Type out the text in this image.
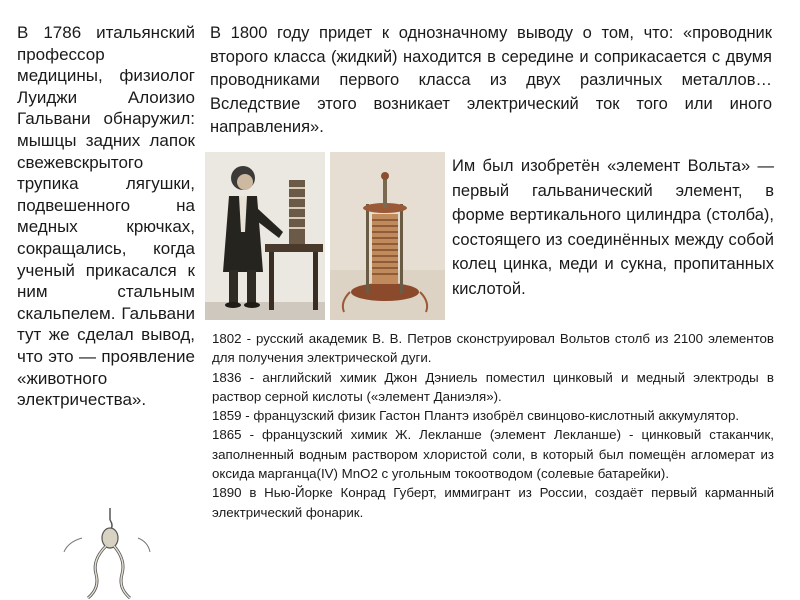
В 1786 итальянский профессор медицины, физиолог Луиджи Алоизио Гальвани обнаружил: мышцы задних лапок свежевскрытого трупика лягушки, подвешенного на медных крючках, сокращались, когда ученый прикасался к ним стальным скальпелем. Гальвани тут же сделал вывод, что это — проявление «животного электричества».
В 1800 году придет к однозначному выводу о том, что: «проводник второго класса (жидкий) находится в середине и соприкасается с двумя проводниками первого класса из двух различных металлов… Вследствие этого возникает электрический ток того или иного направления».
Им был изобретён «элемент Вольта» — первый гальванический элемент, в форме вертикального цилиндра (столба), состоящего из соединённых между собой колец цинка, меди и сукна, пропитанных кислотой.

1802 - русский академик В. В. Петров сконструировал Вольтов столб из 2100 элементов для получения электрической дуги.

1836 - английский химик Джон Дэниель поместил цинковый и медный электроды в раствор серной кислоты («элемент Даниэля»).

1859 - французский физик Гастон Плантэ изобрёл свинцово-кислотный аккумулятор.

1865 - французский химик Ж. Лекланше (элемент Лекланше) - цинковый стаканчик, заполненный водным раствором хлористой соли, в который был помещён агломерат из оксида марганца(IV) MnO2 с угольным токоотводом (солевые батарейки).

1890 в Нью-Йорке Конрад Губерт, иммигрант из России, создаёт первый карманный электрический фонарик.
